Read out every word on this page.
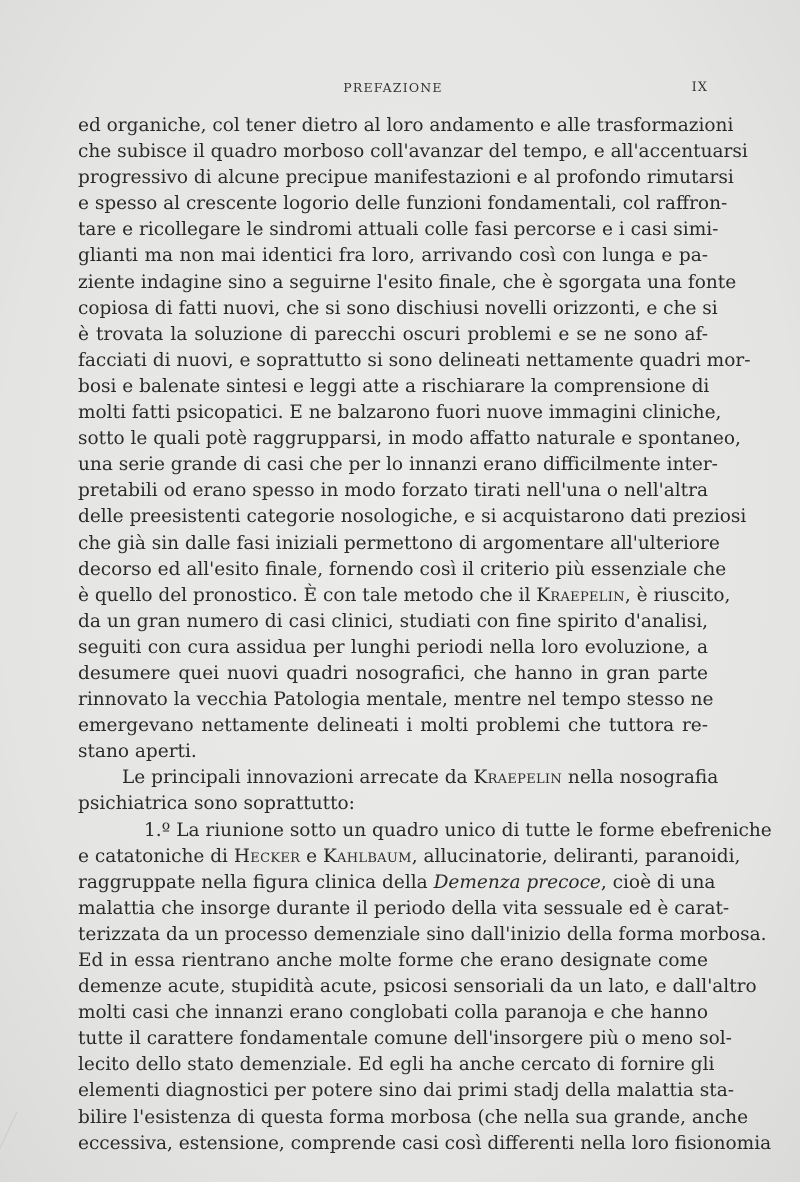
PREFAZIONE	IX
ed organiche, col tener dietro al loro andamento e alle trasformazioni
che subisce il quadro morboso coll'avanzar del tempo, e all'accentuarsi
progressivo di alcune precipue manifestazioni e al profondo rimutarsi
e spesso al crescente logorio delle funzioni fondamentali, col raffron-
tare e ricollegare le sindromi attuali colle fasi percorse e i casi simi-
glianti ma non mai identici fra loro, arrivando così con lunga e pa-
ziente indagine sino a seguirne l'esito finale, che è sgorgata una fonte
copiosa di fatti nuovi, che si sono dischiusi novelli orizzonti, e che si
è trovata la soluzione di parecchi oscuri problemi e se ne sono af-
facciati di nuovi, e soprattutto si sono delineati nettamente quadri mor-
bosi e balenate sintesi e leggi atte a rischiarare la comprensione di
molti fatti psicopatici. E ne balzarono fuori nuove immagini cliniche,
sotto le quali potè raggrupparsi, in modo affatto naturale e spontaneo,
una serie grande di casi che per lo innanzi erano difficilmente inter-
pretabili od erano spesso in modo forzato tirati nell'una o nell'altra
delle preesistenti categorie nosologiche, e si acquistarono dati preziosi
che già sin dalle fasi iniziali permettono di argomentare all'ulteriore
decorso ed all'esito finale, fornendo così il criterio più essenziale che
è quello del pronostico. È con tale metodo che il Kraepelin, è riuscito,
da un gran numero di casi clinici, studiati con fine spirito d'analisi,
seguiti con cura assidua per lunghi periodi nella loro evoluzione, a
desumere quei nuovi quadri nosografici, che hanno in gran parte
rinnovato la vecchia Patologia mentale, mentre nel tempo stesso ne
emergevano nettamente delineati i molti problemi che tuttora re-
stano aperti.
Le principali innovazioni arrecate da Kraepelin nella nosografia
psichiatrica sono soprattutto:
1.º La riunione sotto un quadro unico di tutte le forme ebefreniche
e catatoniche di Hecker e Kahlbaum, allucinatorie, deliranti, paranoidi,
raggruppate nella figura clinica della Demenza precoce, cioè di una
malattia che insorge durante il periodo della vita sessuale ed è carat-
terizzata da un processo demenziale sino dall'inizio della forma morbosa.
Ed in essa rientrano anche molte forme che erano designate come
demenze acute, stupidità acute, psicosi sensoriali da un lato, e dall'altro
molti casi che innanzi erano conglobati colla paranoja e che hanno
tutte il carattere fondamentale comune dell'insorgere più o meno sol-
lecito dello stato demenziale. Ed egli ha anche cercato di fornire gli
elementi diagnostici per potere sino dai primi stadj della malattia sta-
bilire l'esistenza di questa forma morbosa (che nella sua grande, anche
eccessiva, estensione, comprende casi così differenti nella loro fisionomia
